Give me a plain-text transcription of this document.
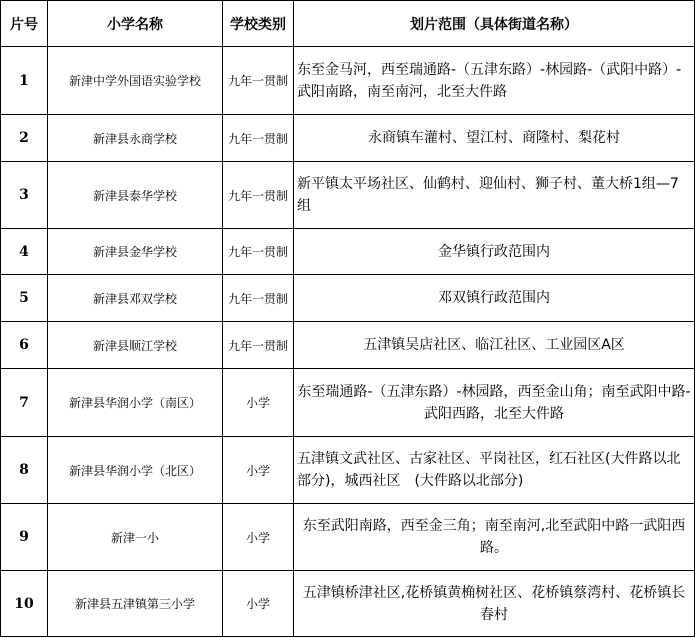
片号	小学名称	学校类别	划片范围（具体街道名称）
1	新津中学外国语实验学校	九年一贯制	东至金马河，西至瑞通路-（五津东路）-林园路-（武阳中路）-武阳南路，南至南河，北至大件路
2	新津县永商学校	九年一贯制	永商镇车灌村、望江村、商隆村、梨花村
3	新津县泰华学校	九年一贯制	新平镇太平场社区、仙鹤村、迎仙村、狮子村、董大桥1组—7组
4	新津县金华学校	九年一贯制	金华镇行政范围内
5	新津县邓双学校	九年一贯制	邓双镇行政范围内
6	新津县顺江学校	九年一贯制	五津镇吴店社区、临江社区、工业园区A区
7	新津县华润小学（南区）	小学	东至瑞通路-（五津东路）-林园路，西至金山角；南至武阳中路-武阳西路，北至大件路
8	新津县华润小学（北区）	小学	五津镇文武社区、古家社区、平岗社区，红石社区(大件路以北部分)，城西社区　(大件路以北部分)
9	新津一小	小学	东至武阳南路，西至金三角；南至南河,北至武阳中路一武阳西路。
10	新津县五津镇第三小学	小学	五津镇桥津社区,花桥镇黄桷树社区、花桥镇蔡湾村、花桥镇长春村
